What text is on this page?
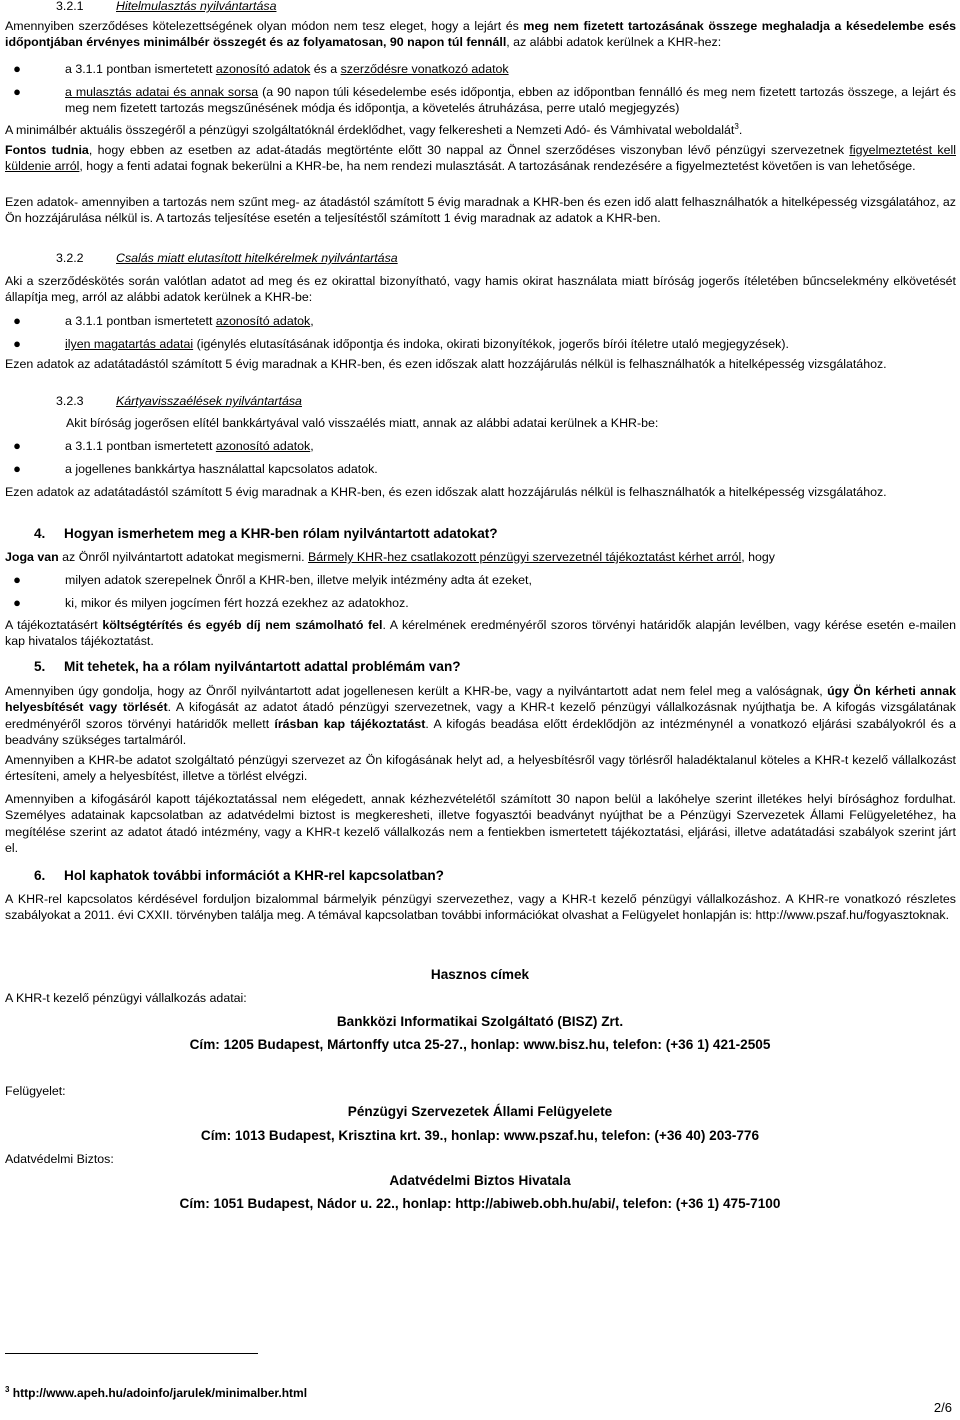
3.2.1	Hitelmulasztás nyilvántartása

Amennyiben szerződéses kötelezettségének olyan módon nem tesz eleget, hogy a lejárt és meg nem fizetett tartozásának összege meghaladja a késedelembe esés időpontjában érvényes minimálbér összegét és az folyamatosan, 90 napon túl fennáll, az alábbi adatok kerülnek a KHR-hez:

●	a 3.1.1 pontban ismertetett azonosító adatok és a szerződésre vonatkozó adatok
●	a mulasztás adatai és annak sorsa (a 90 napon túli késedelembe esés időpontja, ebben az időpontban fennálló és meg nem fizetett tartozás összege, a lejárt és meg nem fizetett tartozás megszűnésének módja és időpontja, a követelés átruházása, perre utaló megjegyzés)

A minimálbér aktuális összegéről a pénzügyi szolgáltatóknál érdeklődhet, vagy felkeresheti a Nemzeti Adó- és Vámhivatal weboldalát$^3$.

Fontos tudnia, hogy ebben az esetben az adat-átadás megtörténte előtt 30 nappal az Önnel szerződéses viszonyban lévő pénzügyi szervezetnek figyelmeztetést kell küldenie arról, hogy a fenti adatai fognak bekerülni a KHR-be, ha nem rendezi mulasztását. A tartozásának rendezésére a figyelmeztetést követően is van lehetősége.

Ezen adatok- amennyiben a tartozás nem szűnt meg- az átadástól számított 5 évig maradnak a KHR-ben és ezen idő alatt felhasználhatók a hitelképesség vizsgálatához, az Ön hozzájárulása nélkül is. A tartozás teljesítése esetén a teljesítéstől számított 1 évig maradnak az adatok a KHR-ben.

3.2.2	Csalás miatt elutasított hitelkérelmek nyilvántartása

Aki a szerződéskötés során valótlan adatot ad meg és ez okirattal bizonyítható, vagy hamis okirat használata miatt bíróság jogerős ítéletében bűncselekmény elkövetését állapítja meg, arról az alábbi adatok kerülnek a KHR-be:

●	a 3.1.1 pontban ismertetett azonosító adatok,
●	ilyen magatartás adatai (igénylés elutasításának időpontja és indoka, okirati bizonyítékok, jogerős bírói ítéletre utaló megjegyzések).

Ezen adatok az adatátadástól számított 5 évig maradnak a KHR-ben, és ezen időszak alatt hozzájárulás nélkül is felhasználhatók a hitelképesség vizsgálatához.

3.2.3	Kártyavisszaélések nyilvántartása

Akit bíróság jogerősen elítél bankkártyával való visszaélés miatt, annak az alábbi adatai kerülnek a KHR-be:

●	a 3.1.1 pontban ismertetett azonosító adatok,
●	a jogellenes bankkártya használattal kapcsolatos adatok.

Ezen adatok az adatátadástól számított 5 évig maradnak a KHR-ben, és ezen időszak alatt hozzájárulás nélkül is felhasználhatók a hitelképesség vizsgálatához.

4. Hogyan ismerhetem meg a KHR-ben rólam nyilvántartott adatokat?

Joga van az Önről nyilvántartott adatokat megismerni. Bármely KHR-hez csatlakozott pénzügyi szervezetnél tájékoztatást kérhet arról, hogy

●	milyen adatok szerepelnek Önről a KHR-ben, illetve melyik intézmény adta át ezeket,
●	ki, mikor és milyen jogcímen fért hozzá ezekhez az adatokhoz.

A tájékoztatásért költségtérítés és egyéb díj nem számolható fel. A kérelmének eredményéről szoros törvényi határidők alapján levélben, vagy kérése esetén e-mailen kap hivatalos tájékoztatást.

5. Mit tehetek, ha a rólam nyilvántartott adattal problémám van?

Amennyiben úgy gondolja, hogy az Önről nyilvántartott adat jogellenesen került a KHR-be, vagy a nyilvántartott adat nem felel meg a valóságnak, úgy Ön kérheti annak helyesbítését vagy törlését. A kifogását az adatot átadó pénzügyi szervezetnek, vagy a KHR-t kezelő pénzügyi vállalkozásnak nyújthatja be. A kifogás vizsgálatának eredményéről szoros törvényi határidők mellett írásban kap tájékoztatást. A kifogás beadása előtt érdeklődjön az intézménynél a vonatkozó eljárási szabályokról és a beadvány szükséges tartalmáról.

Amennyiben a KHR-be adatot szolgáltató pénzügyi szervezet az Ön kifogásának helyt ad, a helyesbítésről vagy törlésről haladéktalanul köteles a KHR-t kezelő vállalkozást értesíteni, amely a helyesbítést, illetve a törlést elvégzi.

Amennyiben a kifogásáról kapott tájékoztatással nem elégedett, annak kézhezvételétől számított 30 napon belül a lakóhelye szerint illetékes helyi bírósághoz fordulhat. Személyes adatainak kapcsolatban az adatvédelmi biztost is megkeresheti, illetve fogyasztói beadványt nyújthat be a Pénzügyi Szervezetek Állami Felügyeletéhez, ha megítélése szerint az adatot átadó intézmény, vagy a KHR-t kezelő vállalkozás nem a fentiekben ismertetett tájékoztatási, eljárási, illetve adatátadási szabályok szerint járt el.

6. Hol kaphatok további információt a KHR-rel kapcsolatban?

A KHR-rel kapcsolatos kérdésével forduljon bizalommal bármelyik pénzügyi szervezethez, vagy a KHR-t kezelő pénzügyi vállalkozáshoz. A KHR-re vonatkozó részletes szabályokat a 2011. évi CXXII. törvényben találja meg. A témával kapcsolatban további információkat olvashat a Felügyelet honlapján is: http://www.pszaf.hu/fogyasztoknak.

Hasznos címek

A KHR-t kezelő pénzügyi vállalkozás adatai:

Bankközi Informatikai Szolgáltató (BISZ) Zrt.

Cím: 1205 Budapest, Mártonffy utca 25-27., honlap: www.bisz.hu, telefon: (+36 1) 421-2505

Felügyelet:

Pénzügyi Szervezetek Állami Felügyelete

Cím: 1013 Budapest, Krisztina krt. 39., honlap: www.pszaf.hu, telefon: (+36 40) 203-776

Adatvédelmi Biztos:

Adatvédelmi Biztos Hivatala

Cím: 1051 Budapest, Nádor u. 22., honlap: http://abiweb.obh.hu/abi/, telefon: (+36 1) 475-7100

$^3$ http://www.apeh.hu/adoinfo/jarulek/minimalber.html

2/6
